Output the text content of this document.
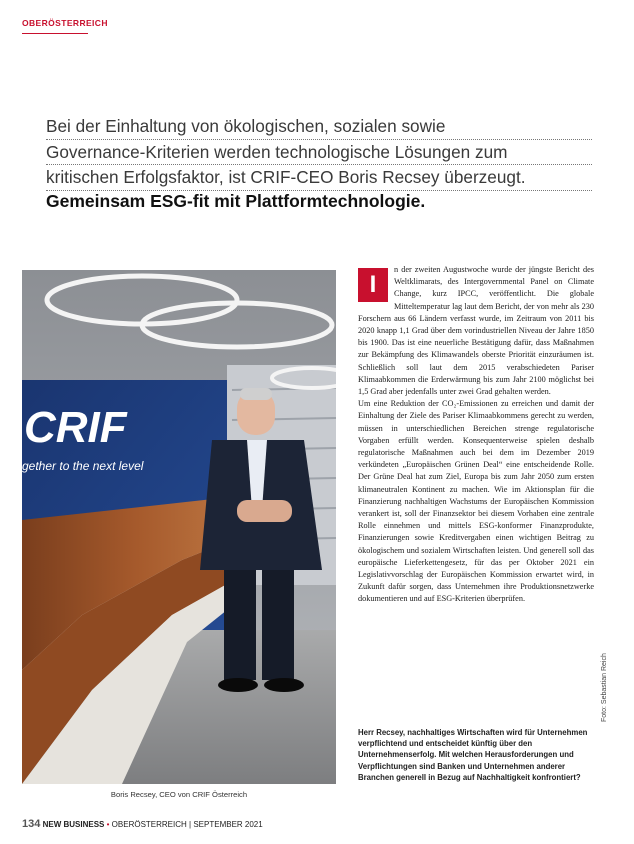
OBERÖSTERREICH
Bei der Einhaltung von ökologischen, sozialen sowie
Governance-Kriterien werden technologische Lösungen zum
kritischen Erfolgsfaktor, ist CRIF-CEO Boris Recsey überzeugt.
Gemeinsam ESG-fit mit Plattformtechnologie.
CRIF
gether to the next level
Boris Recsey, CEO von CRIF Österreich
I

n der zweiten Augustwoche wurde der jüngste Bericht des Weltklimarats, des Intergovernmental Panel on Climate Change, kurz IPCC, veröffentlicht. Die globale Mitteltemperatur lag laut dem Bericht, der von mehr als 230 Forschern aus 66 Ländern verfasst wurde, im Zeitraum von 2011 bis 2020 knapp 1,1 Grad über dem vorindustriellen Niveau der Jahre 1850 bis 1900. Das ist eine neuerliche Bestätigung dafür, dass Maßnahmen zur Bekämpfung des Klimawandels oberste Priorität einzuräumen ist. Schließlich soll laut dem 2015 verabschiedeten Pariser Klimaabkommen die Erderwärmung bis zum Jahr 2100 möglichst bei 1,5 Grad aber jedenfalls unter zwei Grad gehalten werden.

Um eine Reduktion der CO₂-Emissionen zu erreichen und damit der Einhaltung der Ziele des Pariser Klimaabkommens gerecht zu werden, müssen in unterschiedlichen Bereichen strenge regulatorische Vorgaben erfüllt werden. Konsequenterweise spielen deshalb regulatorische Maßnahmen auch bei dem im Dezember 2019 verkündeten „Europäischen Grünen Deal“ eine entscheidende Rolle. Der Grüne Deal hat zum Ziel, Europa bis zum Jahr 2050 zum ersten klimaneutralen Kontinent zu machen. Wie im Aktionsplan für die Finanzierung nachhaltigen Wachstums der Europäischen Kommission verankert ist, soll der Finanzsektor bei diesem Vorhaben eine zentrale Rolle einnehmen und mittels ESG-konformer Finanzprodukte, Finanzierungen sowie Kreditvergaben einen wichtigen Beitrag zu ökologischem und sozialem Wirtschaften leisten. Und generell soll das europäische Lieferkettengesetz, für das per Oktober 2021 ein Legislativvorschlag der Europäischen Kommission erwartet wird, in Zukunft dafür sorgen, dass Unternehmen ihre Produktionsnetzwerke dokumentieren und auf ESG-Kriterien überprüfen.

Herr Recsey, nachhaltiges Wirtschaften wird für Unternehmen verpflichtend und entscheidet künftig über den Unternehmenserfolg. Mit welchen Herausforderungen und Verpflichtungen sind Banken und Unternehmen anderer Branchen generell in Bezug auf Nachhaltigkeit konfrontiert?
Foto: Sebastian Reich
134 NEW BUSINESS • OBERÖSTERREICH | SEPTEMBER 2021
